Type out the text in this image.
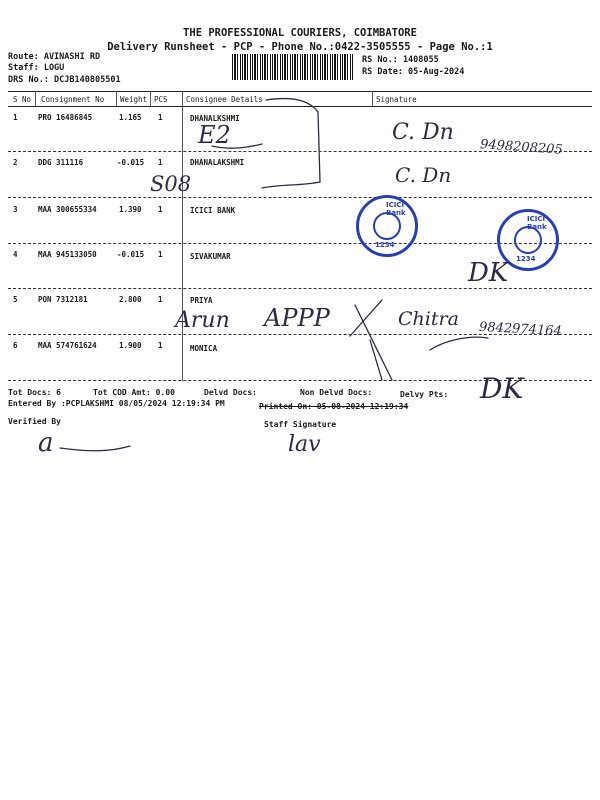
THE PROFESSIONAL COURIERS, COIMBATORE
Delivery Runsheet - PCP - Phone No.:0422-3505555 - Page No.:1
Route: AVINASHI RD
Staff: LOGU
DRS No.: DCJB140805501
RS No.: 1408055
RS Date: 05-Aug-2024
S No Consignment No Weight PCS Consignee Details	Signature
1	PRO 16486845	1.165 1	DHANALKSHMI
2	DDG 311116	-0.015 1	DHANALAKSHMI
3	MAA 300655334	1.390 1	ICICI BANK
4	MAA 945133050	-0.015 1	SIVAKUMAR
5	PON 7312181	2.800 1	PRIYA
6	MAA 574761624	1.900 1	MONICA
Tot Docs: 6	Tot COD Amt: 0.00	Delvd Docs:	Non Delvd Docs:	Delvy Pts:
Entered By :PCPLAKSHMI 08/05/2024 12:19:34 PM	Printed On: 05-08-2024 12:19:34
Verified By	Staff Signature
ICICI Bank
1234
ICICI Bank
1234
C. Dn
9498208205
C. Dn
E2
S08
DK
Arun APPP	Chitra 9842974164
DK
a	lav
